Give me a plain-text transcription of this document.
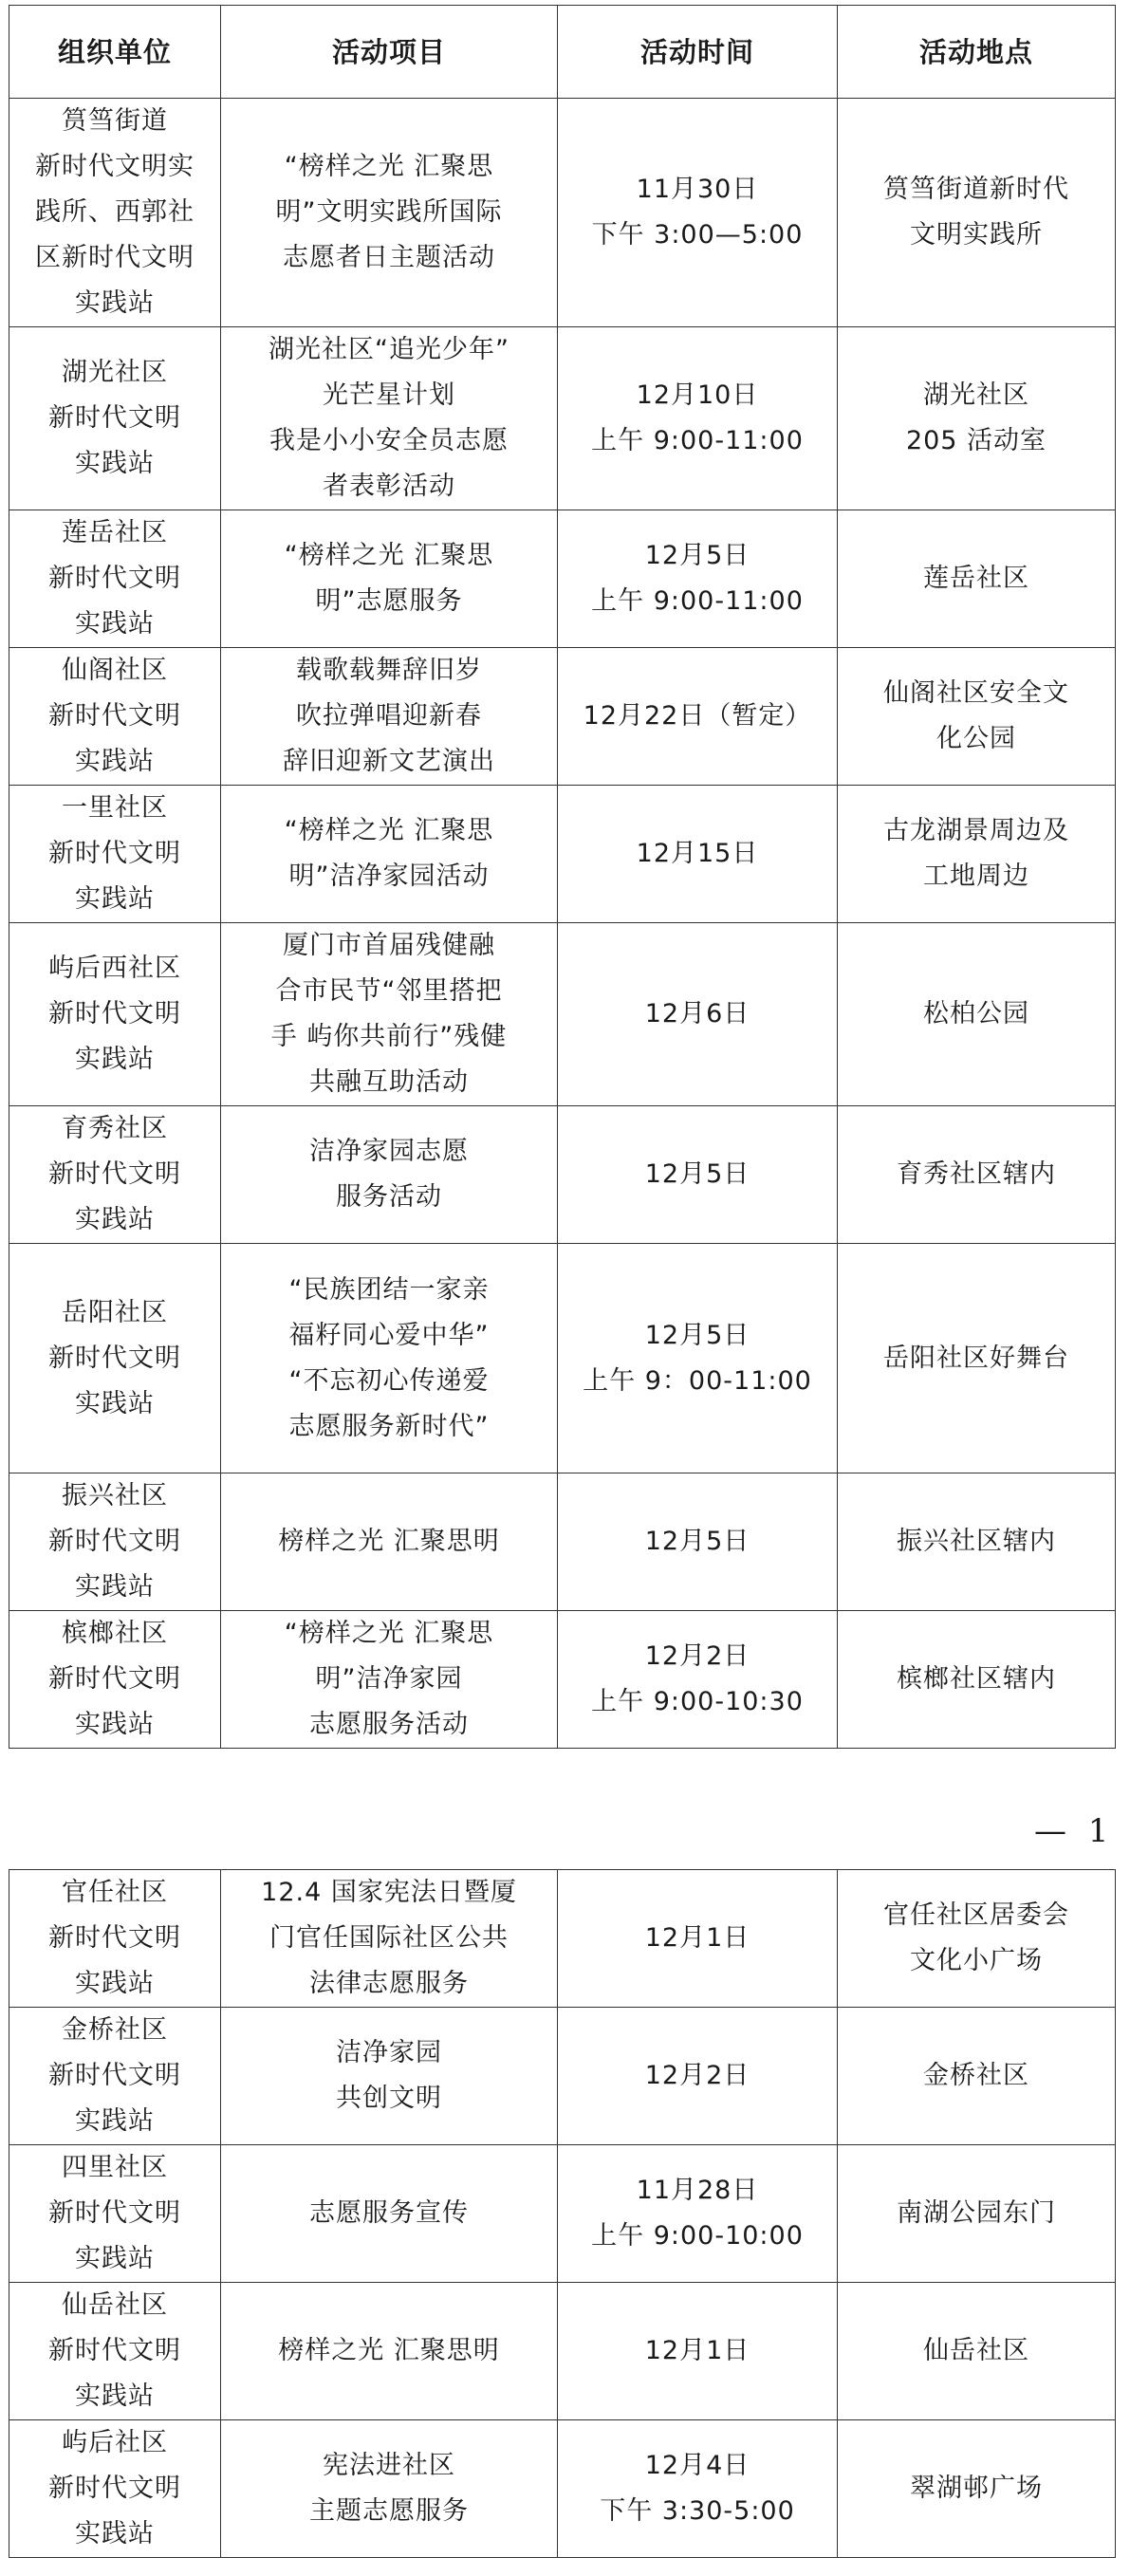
组织单位	活动项目	活动时间	活动地点

筼筜街道
新时代文明实
践所、西郭社
区新时代文明
实践站	“榜样之光 汇聚思
明”文明实践所国际
志愿者日主题活动	11月30日
下午 3:00—5:00	筼筜街道新时代
文明实践所

湖光社区
新时代文明
实践站	湖光社区“追光少年”
光芒星计划
我是小小安全员志愿
者表彰活动	12月10日
上午 9:00-11:00	湖光社区
205 活动室

莲岳社区
新时代文明
实践站	“榜样之光 汇聚思
明”志愿服务	12月5日
上午 9:00-11:00	莲岳社区

仙阁社区
新时代文明
实践站	载歌载舞辞旧岁
吹拉弹唱迎新春
辞旧迎新文艺演出	12月22日（暂定）	仙阁社区安全文
化公园

一里社区
新时代文明
实践站	“榜样之光 汇聚思
明”洁净家园活动	12月15日	古龙湖景周边及
工地周边

屿后西社区
新时代文明
实践站	厦门市首届残健融
合市民节“邻里搭把
手 屿你共前行”残健
共融互助活动	12月6日	松柏公园

育秀社区
新时代文明
实践站	洁净家园志愿
服务活动	12月5日	育秀社区辖内

岳阳社区
新时代文明
实践站	“民族团结一家亲
福籽同心爱中华”
“不忘初心传递爱
志愿服务新时代”	12月5日
上午 9：00-11:00	岳阳社区好舞台

振兴社区
新时代文明
实践站	榜样之光 汇聚思明	12月5日	振兴社区辖内

槟榔社区
新时代文明
实践站	“榜样之光 汇聚思
明”洁净家园
志愿服务活动	12月2日
上午 9:00-10:30	槟榔社区辖内
— 1
官任社区
新时代文明
实践站	12.4 国家宪法日暨厦
门官任国际社区公共
法律志愿服务	12月1日	官任社区居委会
文化小广场

金桥社区
新时代文明
实践站	洁净家园
共创文明	12月2日	金桥社区

四里社区
新时代文明
实践站	志愿服务宣传	11月28日
上午 9:00-10:00	南湖公园东门

仙岳社区
新时代文明
实践站	榜样之光 汇聚思明	12月1日	仙岳社区

屿后社区
新时代文明
实践站	宪法进社区
主题志愿服务	12月4日
下午 3:30-5:00	翠湖邨广场
